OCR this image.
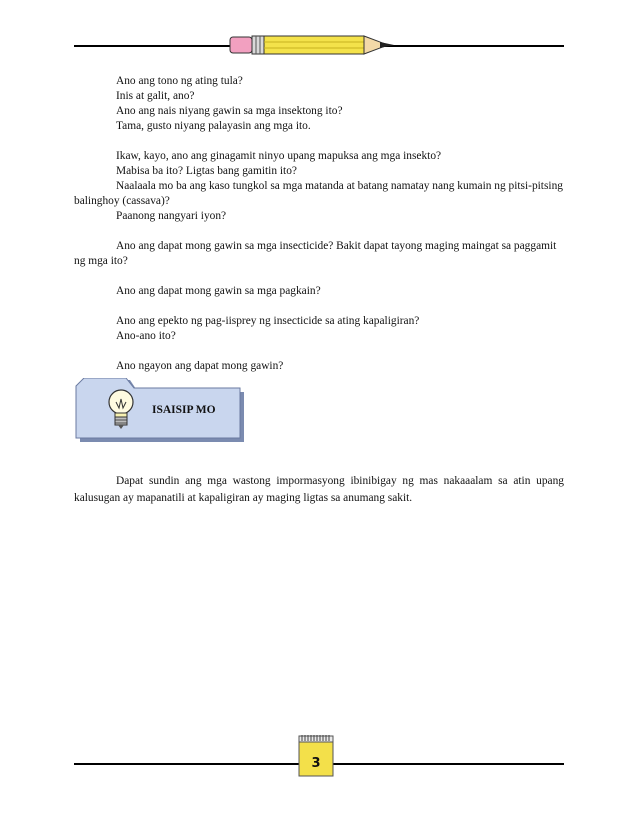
Ano ang tono ng ating tula?

Inis at galit, ano?

Ano ang nais niyang gawin sa mga insektong ito?

Tama, gusto niyang palayasin ang mga ito.

Ikaw, kayo, ano ang ginagamit ninyo upang mapuksa ang mga insekto?

Mabisa ba ito? Ligtas bang gamitin ito?

Naalaala mo ba ang kaso tungkol sa mga matanda at batang namatay nang kumain ng pitsi-pitsing balinghoy (cassava)?

Paanong nangyari iyon?

Ano ang dapat mong gawin sa mga insecticide? Bakit dapat tayong maging maingat sa paggamit ng mga ito?

Ano ang dapat mong gawin sa mga pagkain?

Ano ang epekto ng pag-iisprey ng insecticide sa ating kapaligiran?

Ano-ano ito?

Ano ngayon ang dapat mong gawin?

ISAISIP MO

Dapat sundin ang mga wastong impormasyong ibinibigay ng mas nakaaalam sa atin upang kalusugan ay mapanatili at kapaligiran ay maging ligtas sa anumang sakit.

3
